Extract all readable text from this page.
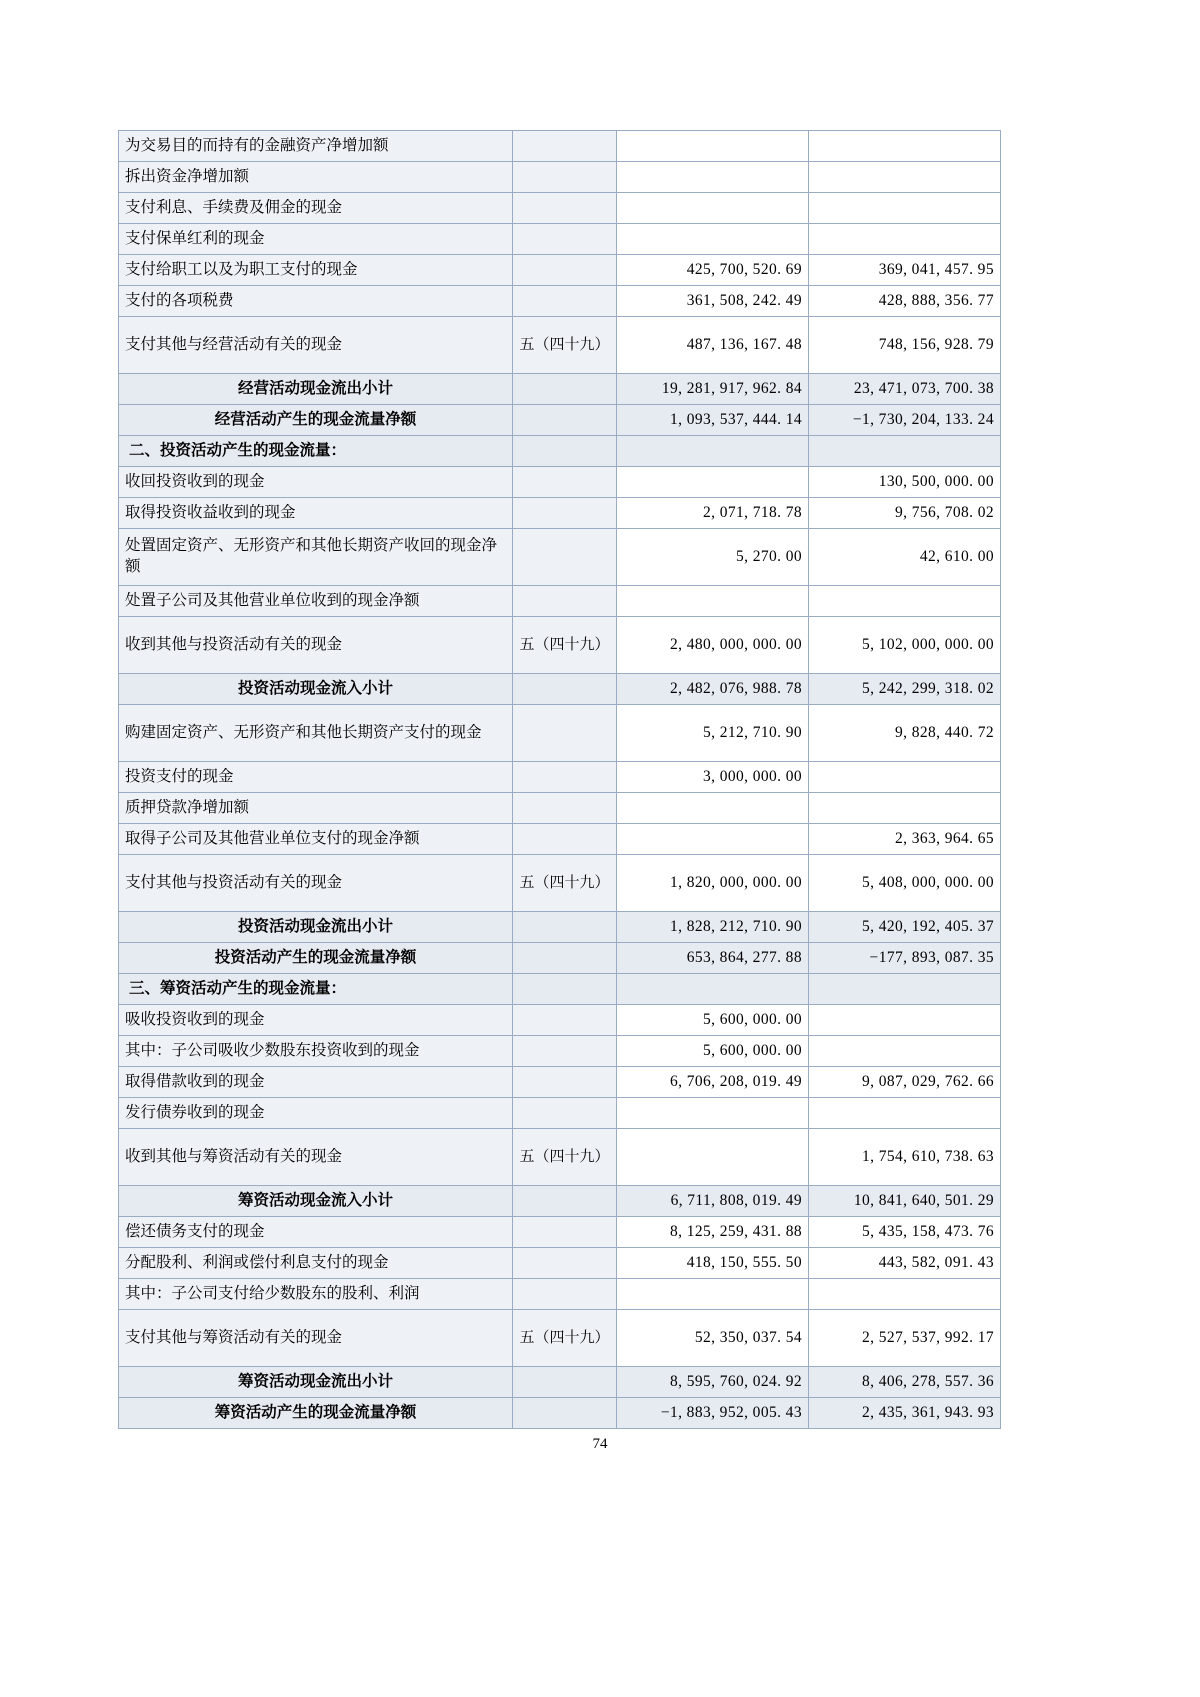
为交易目的而持有的金融资产净增加额			
拆出资金净增加额			
支付利息、手续费及佣金的现金			
支付保单红利的现金			
支付给职工以及为职工支付的现金		425, 700, 520. 69	369, 041, 457. 95
支付的各项税费		361, 508, 242. 49	428, 888, 356. 77
支付其他与经营活动有关的现金	五（四十九）	487, 136, 167. 48	748, 156, 928. 79
经营活动现金流出小计		19, 281, 917, 962. 84	23, 471, 073, 700. 38
经营活动产生的现金流量净额		1, 093, 537, 444. 14	−1, 730, 204, 133. 24
二、投资活动产生的现金流量：			
收回投资收到的现金			130, 500, 000. 00
取得投资收益收到的现金		2, 071, 718. 78	9, 756, 708. 02
处置固定资产、无形资产和其他长期资产收回的现金净额		5, 270. 00	42, 610. 00
处置子公司及其他营业单位收到的现金净额			
收到其他与投资活动有关的现金	五（四十九）	2, 480, 000, 000. 00	5, 102, 000, 000. 00
投资活动现金流入小计		2, 482, 076, 988. 78	5, 242, 299, 318. 02
购建固定资产、无形资产和其他长期资产支付的现金		5, 212, 710. 90	9, 828, 440. 72
投资支付的现金		3, 000, 000. 00	
质押贷款净增加额			
取得子公司及其他营业单位支付的现金净额			2, 363, 964. 65
支付其他与投资活动有关的现金	五（四十九）	1, 820, 000, 000. 00	5, 408, 000, 000. 00
投资活动现金流出小计		1, 828, 212, 710. 90	5, 420, 192, 405. 37
投资活动产生的现金流量净额		653, 864, 277. 88	−177, 893, 087. 35
三、筹资活动产生的现金流量：			
吸收投资收到的现金		5, 600, 000. 00	
其中：子公司吸收少数股东投资收到的现金		5, 600, 000. 00	
取得借款收到的现金		6, 706, 208, 019. 49	9, 087, 029, 762. 66
发行债券收到的现金			
收到其他与筹资活动有关的现金	五（四十九）		1, 754, 610, 738. 63
筹资活动现金流入小计		6, 711, 808, 019. 49	10, 841, 640, 501. 29
偿还债务支付的现金		8, 125, 259, 431. 88	5, 435, 158, 473. 76
分配股利、利润或偿付利息支付的现金		418, 150, 555. 50	443, 582, 091. 43
其中：子公司支付给少数股东的股利、利润			
支付其他与筹资活动有关的现金	五（四十九）	52, 350, 037. 54	2, 527, 537, 992. 17
筹资活动现金流出小计		8, 595, 760, 024. 92	8, 406, 278, 557. 36
筹资活动产生的现金流量净额		−1, 883, 952, 005. 43	2, 435, 361, 943. 93
74
